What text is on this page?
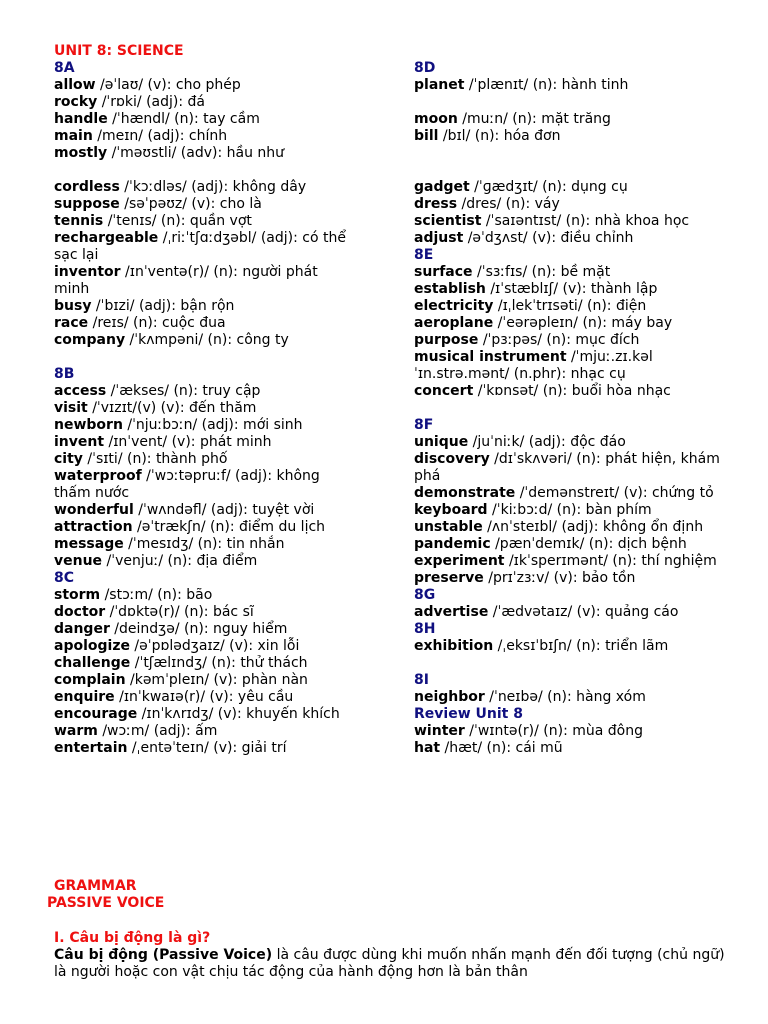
UNIT 8: SCIENCE
8A
allow /əˈlaʊ/ (v): cho phép
rocky /ˈrɒki/ (adj): đá
handle /ˈhændl/ (n): tay cầm
main /meɪn/ (adj): chính
mostly /ˈməʊstli/ (adv): hầu như
cordless /ˈkɔːdləs/ (adj): không dây
suppose /səˈpəʊz/ (v): cho là
tennis /ˈtenɪs/ (n): quần vợt
rechargeable /ˌriːˈtʃɑːdʒəbl/ (adj): có thể sạc lại
inventor /ɪnˈventə(r)/ (n): người phát minh
busy /ˈbɪzi/ (adj): bận rộn
race /reɪs/ (n): cuộc đua
company /ˈkʌmpəni/ (n): công ty
8B
access /ˈækses/ (n): truy cập
visit /ˈvɪzɪt/(v) (v): đến thăm
newborn /ˈnjuːbɔːn/ (adj): mới sinh
invent /ɪnˈvent/ (v): phát minh
city /ˈsɪti/ (n): thành phố
waterproof /ˈwɔːtəpruːf/ (adj): không thấm nước
wonderful /ˈwʌndəfl/ (adj): tuyệt vời
attraction /əˈtrækʃn/ (n): điểm du lịch
message /ˈmesɪdʒ/ (n): tin nhắn
venue /ˈvenjuː/ (n): địa điểm
8C
storm /stɔːm/ (n): bão
doctor /ˈdɒktə(r)/ (n): bác sĩ
danger /deindʒə/ (n): nguy hiểm
apologize /əˈpɒlədʒaɪz/ (v): xin lỗi
challenge /ˈtʃælɪndʒ/ (n): thử thách
complain /kəmˈpleɪn/ (v): phàn nàn
enquire /ɪnˈkwaɪə(r)/ (v): yêu cầu
encourage /ɪnˈkʌrɪdʒ/ (v): khuyến khích
warm /wɔːm/ (adj): ấm
entertain /ˌentəˈteɪn/ (v): giải trí
8D
planet /ˈplænɪt/ (n): hành tinh
moon /muːn/ (n): mặt trăng
bill /bɪl/ (n): hóa đơn
gadget /ˈɡædʒɪt/ (n): dụng cụ
dress /dres/ (n): váy
scientist /ˈsaɪəntɪst/ (n): nhà khoa học
adjust /əˈdʒʌst/ (v): điều chỉnh
8E
surface /ˈsɜːfɪs/ (n): bề mặt
establish /ɪˈstæblɪʃ/ (v): thành lập
electricity /ɪˌlekˈtrɪsəti/ (n): điện
aeroplane /ˈeərəpleɪn/ (n): máy bay
purpose /ˈpɜːpəs/ (n): mục đích
musical instrument /ˈmjuː.zɪ.kəl ˈɪn.strə.mənt/ (n.phr): nhạc cụ
concert /ˈkɒnsət/ (n): buổi hòa nhạc
8F
unique /juˈniːk/ (adj): độc đáo
discovery /dɪˈskʌvəri/ (n): phát hiện, khám phá
demonstrate /ˈdemənstreɪt/ (v): chứng tỏ
keyboard /ˈkiːbɔːd/ (n): bàn phím
unstable /ʌnˈsteɪbl/ (adj): không ổn định
pandemic /pænˈdemɪk/ (n): dịch bệnh
experiment /ɪkˈsperɪmənt/ (n): thí nghiệm
preserve /prɪˈzɜːv/ (v): bảo tồn
8G
advertise /ˈædvətaɪz/ (v): quảng cáo
8H
exhibition /ˌeksɪˈbɪʃn/ (n): triển lãm
8I
neighbor /ˈneɪbə/ (n): hàng xóm
Review Unit 8
winter /ˈwɪntə(r)/ (n): mùa đông
hat /hæt/ (n): cái mũ
GRAMMAR
PASSIVE VOICE
I. Câu bị động là gì?
Câu bị động (Passive Voice) là câu được dùng khi muốn nhấn mạnh đến đối tượng (chủ ngữ) là người hoặc con vật chịu tác động của hành động hơn là bản thân
